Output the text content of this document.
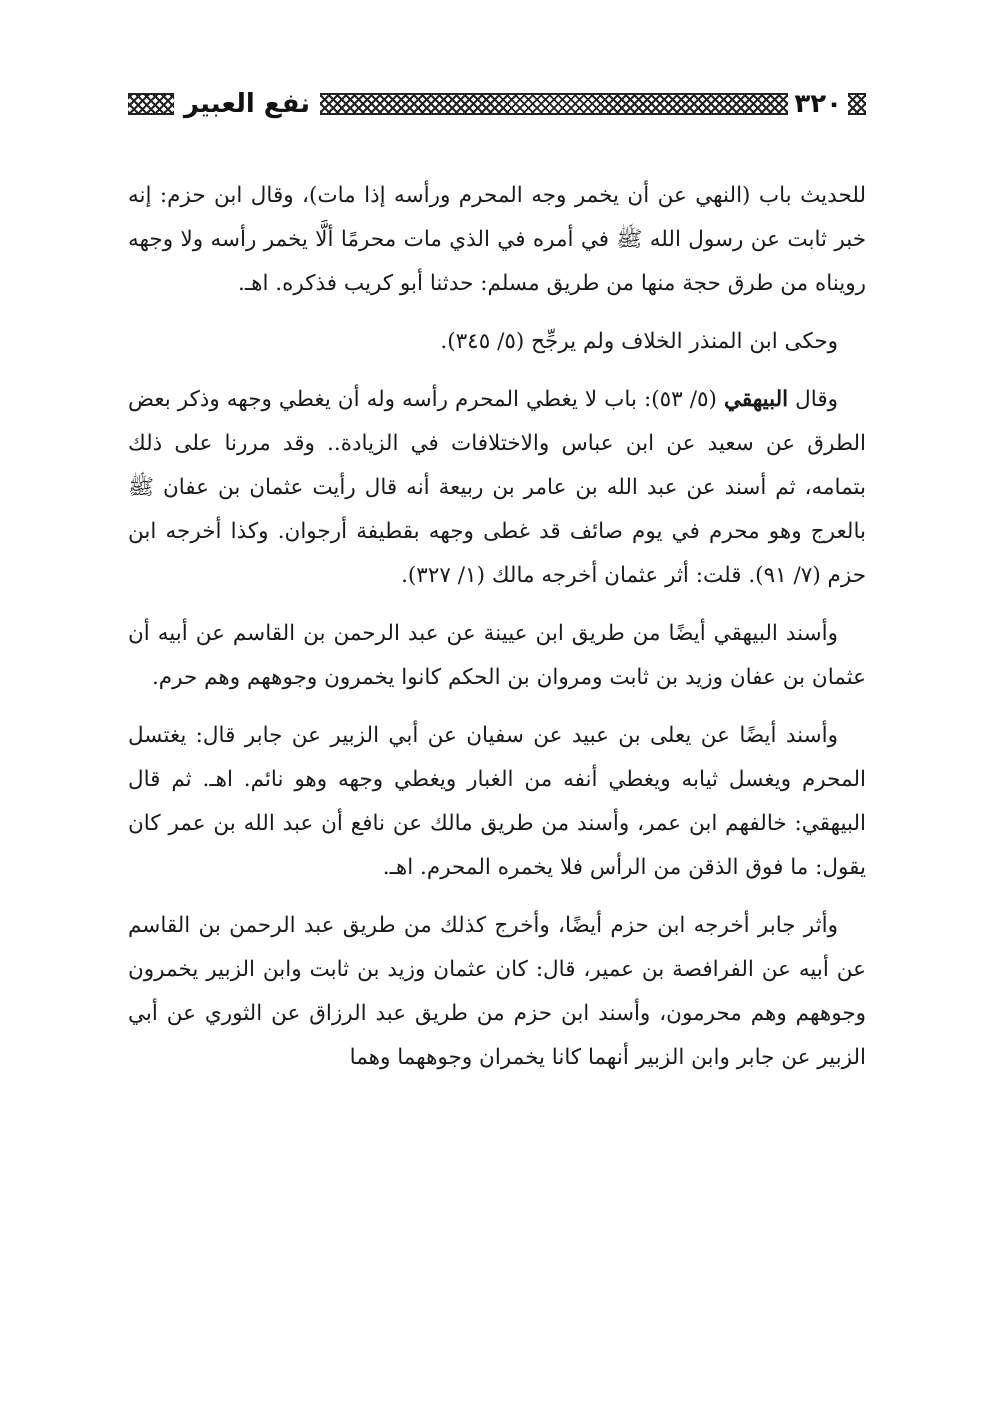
٣٢٠
نفع العبير

للحديث باب (النهي عن أن يخمر وجه المحرم ورأسه إذا مات)، وقال ابن حزم: إنه خبر ثابت عن رسول الله ﷺ في أمره في الذي مات محرمًا ألَّا يخمر رأسه ولا وجهه رويناه من طرق حجة منها من طريق مسلم: حدثنا أبو كريب فذكره. اهـ.

وحكى ابن المنذر الخلاف ولم يرجِّح (٥/ ٣٤٥).

وقال البيهقي (٥/ ٥٣): باب لا يغطي المحرم رأسه وله أن يغطي وجهه وذكر بعض الطرق عن سعيد عن ابن عباس والاختلافات في الزيادة.. وقد مررنا على ذلك بتمامه، ثم أسند عن عبد الله بن عامر بن ربيعة أنه قال رأيت عثمان بن عفان ﷺ بالعرج وهو محرم في يوم صائف قد غطى وجهه بقطيفة أرجوان. وكذا أخرجه ابن حزم (٧/ ٩١). قلت: أثر عثمان أخرجه مالك (١/ ٣٢٧).

وأسند البيهقي أيضًا من طريق ابن عيينة عن عبد الرحمن بن القاسم عن أبيه أن عثمان بن عفان وزيد بن ثابت ومروان بن الحكم كانوا يخمرون وجوههم وهم حرم.

وأسند أيضًا عن يعلى بن عبيد عن سفيان عن أبي الزبير عن جابر قال: يغتسل المحرم ويغسل ثيابه ويغطي أنفه من الغبار ويغطي وجهه وهو نائم. اهـ. ثم قال البيهقي: خالفهم ابن عمر، وأسند من طريق مالك عن نافع أن عبد الله بن عمر كان يقول: ما فوق الذقن من الرأس فلا يخمره المحرم. اهـ.

وأثر جابر أخرجه ابن حزم أيضًا، وأخرج كذلك من طريق عبد الرحمن بن القاسم عن أبيه عن الفرافصة بن عمير، قال: كان عثمان وزيد بن ثابت وابن الزبير يخمرون وجوههم وهم محرمون، وأسند ابن حزم من طريق عبد الرزاق عن الثوري عن أبي الزبير عن جابر وابن الزبير أنهما كانا يخمران وجوههما وهما
